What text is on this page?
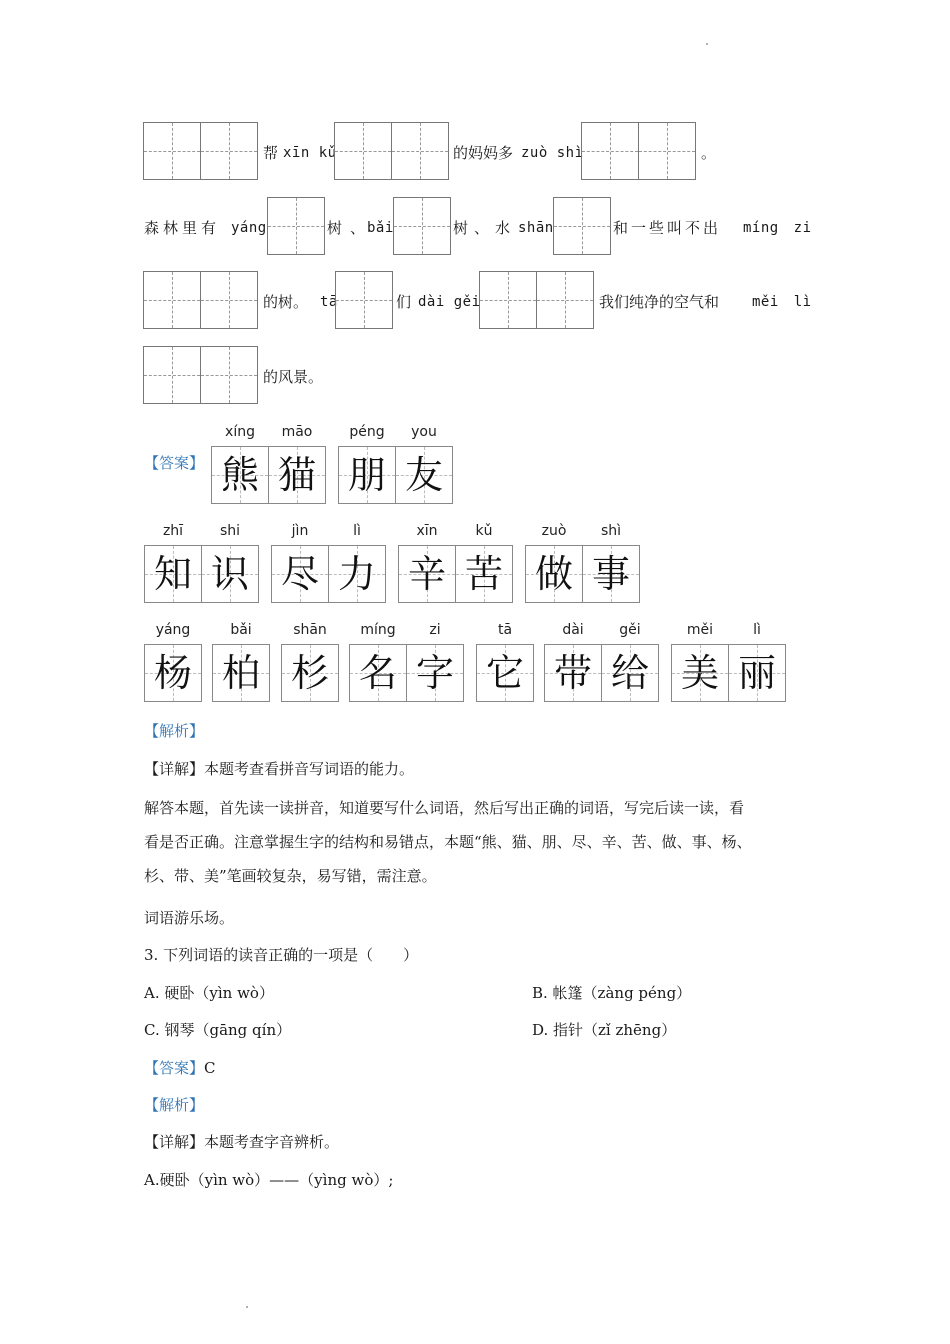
帮 xīn kǔ	的妈妈多 zuò shì	。
森林里有 yáng	树、
bǎi	树、水 shān	和一些叫不出 míng zi
的树。 tā	们 dài gěi	我们纯净的空气和 měi lì
的风景。
【答案】
xíng	māo
熊 猫
péng	you
朋 友
zhī	shi
知 识
jìn	lì
尽 力
xīn	kǔ
辛 苦
zuò	shì
做 事
yáng
杨
bǎi
柏
shān
杉
míng	zi
名 字
tā
它
dài	gěi
带 给
měi	lì
美 丽
【解析】
【详解】本题考查看拼音写词语的能力。
解答本题，首先读一读拼音，知道要写什么词语，然后写出正确的词语，写完后读一读，看
看是否正确。注意掌握生字的结构和易错点，本题“熊、猫、朋、尽、辛、苦、做、事、杨、
杉、带、美”笔画较复杂，易写错，需注意。
词语游乐场。
3. 下列词语的读音正确的一项是（　　）
A. 硬卧（yìn wò）	B. 帐篷（zàng péng）
C. 钢琴（gāng qín）	D. 指针（zǐ zhēng）
【答案】C
【解析】
【详解】本题考查字音辨析。
A.硬卧（yìn wò）——（yìng wò）;
